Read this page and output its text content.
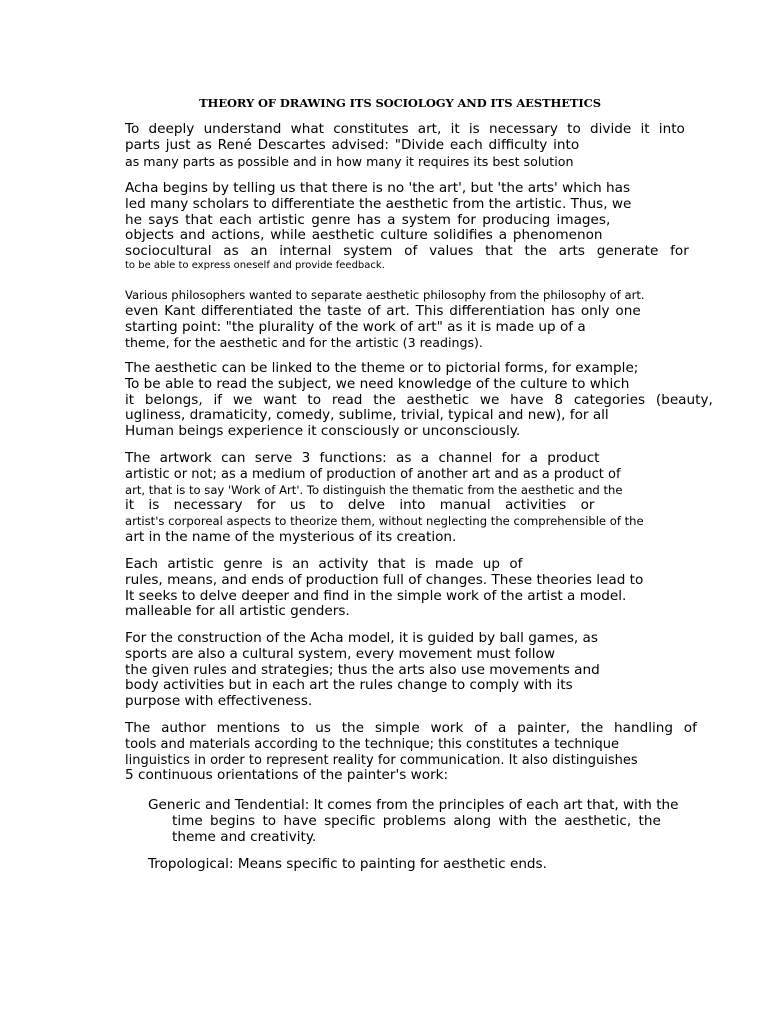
THEORY OF DRAWING ITS SOCIOLOGY AND ITS AESTHETICS
To deeply understand what constitutes art, it is necessary to divide it into
parts just as René Descartes advised: "Divide each difficulty into
as many parts as possible and in how many it requires its best solution
Acha begins by telling us that there is no 'the art', but 'the arts' which has
led many scholars to differentiate the aesthetic from the artistic. Thus, we
he says that each artistic genre has a system for producing images,
objects and actions, while aesthetic culture solidifies a phenomenon
sociocultural as an internal system of values that the arts generate for
to be able to express oneself and provide feedback.
Various philosophers wanted to separate aesthetic philosophy from the philosophy of art.
even Kant differentiated the taste of art. This differentiation has only one
starting point: "the plurality of the work of art" as it is made up of a
theme, for the aesthetic and for the artistic (3 readings).
The aesthetic can be linked to the theme or to pictorial forms, for example;
To be able to read the subject, we need knowledge of the culture to which
it belongs, if we want to read the aesthetic we have 8 categories (beauty,
ugliness, dramaticity, comedy, sublime, trivial, typical and new), for all
Human beings experience it consciously or unconsciously.
The artwork can serve 3 functions: as a channel for a product
artistic or not; as a medium of production of another art and as a product of
art, that is to say 'Work of Art'. To distinguish the thematic from the aesthetic and the
it is necessary for us to delve into manual activities or
artist's corporeal aspects to theorize them, without neglecting the comprehensible of the
art in the name of the mysterious of its creation.
Each artistic genre is an activity that is made up of
rules, means, and ends of production full of changes. These theories lead to
It seeks to delve deeper and find in the simple work of the artist a model.
malleable for all artistic genders.
For the construction of the Acha model, it is guided by ball games, as
sports are also a cultural system, every movement must follow
the given rules and strategies; thus the arts also use movements and
body activities but in each art the rules change to comply with its
purpose with effectiveness.
The author mentions to us the simple work of a painter, the handling of
tools and materials according to the technique; this constitutes a technique
linguistics in order to represent reality for communication. It also distinguishes
5 continuous orientations of the painter's work:
Generic and Tendential: It comes from the principles of each art that, with the
time begins to have specific problems along with the aesthetic, the
theme and creativity.
Tropological: Means specific to painting for aesthetic ends.
